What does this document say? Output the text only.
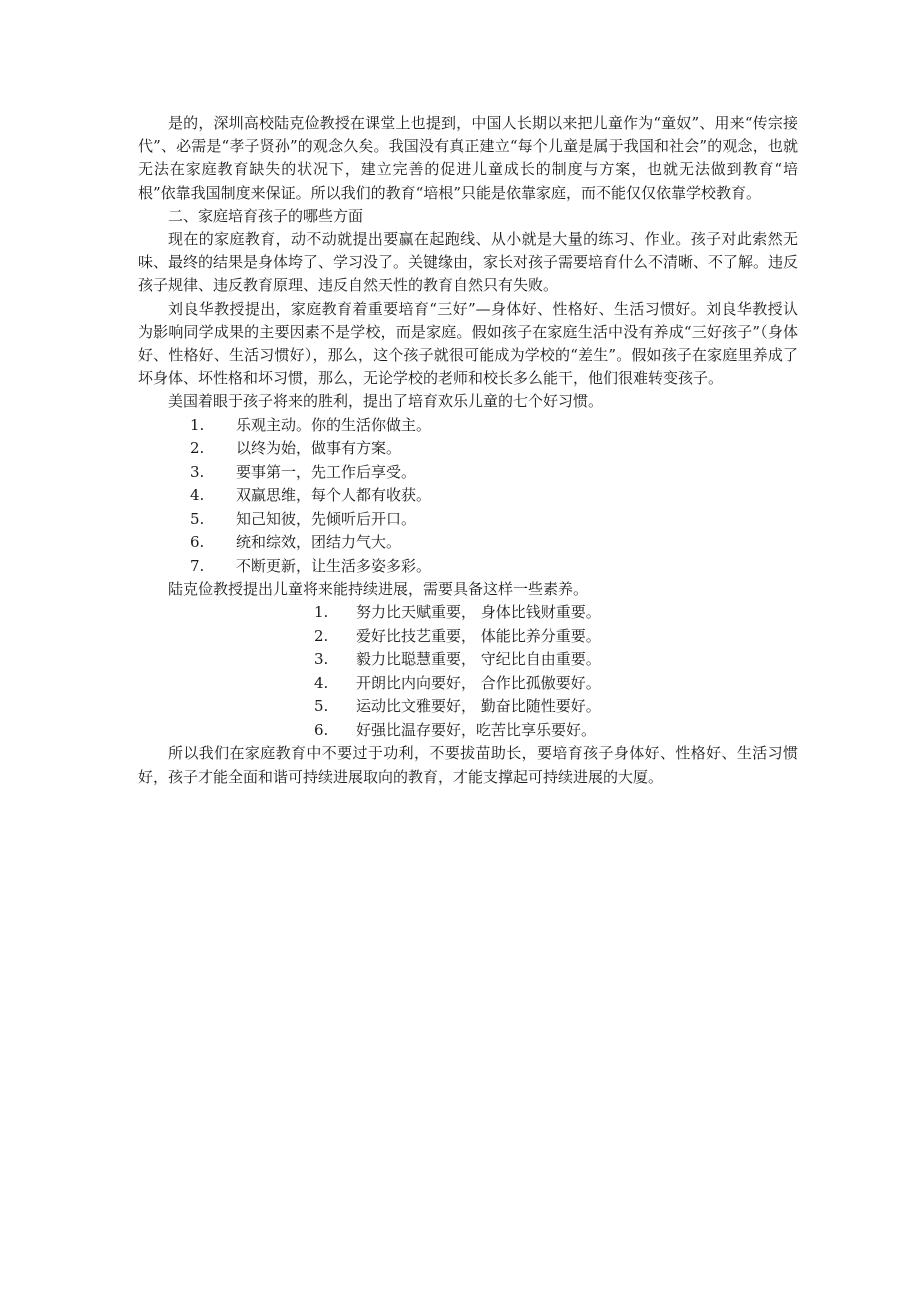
是的，深圳高校陆克俭教授在课堂上也提到，中国人长期以来把儿童作为“童奴”、用来“传宗接代”、必需是“孝子贤孙”的观念久矣。我国没有真正建立“每个儿童是属于我国和社会”的观念，也就无法在家庭教育缺失的状况下，建立完善的促进儿童成长的制度与方案，也就无法做到教育“培根”依靠我国制度来保证。所以我们的教育“培根”只能是依靠家庭，而不能仅仅依靠学校教育。

二、家庭培育孩子的哪些方面

现在的家庭教育，动不动就提出要赢在起跑线、从小就是大量的练习、作业。孩子对此索然无味、最终的结果是身体垮了、学习没了。关键缘由，家长对孩子需要培育什么不清晰、不了解。违反孩子规律、违反教育原理、违反自然天性的教育自然只有失败。

刘良华教授提出，家庭教育着重要培育“三好”—身体好、性格好、生活习惯好。刘良华教授认为影响同学成果的主要因素不是学校，而是家庭。假如孩子在家庭生活中没有养成“三好孩子”（身体好、性格好、生活习惯好），那么，这个孩子就很可能成为学校的“差生”。假如孩子在家庭里养成了坏身体、坏性格和坏习惯，那么，无论学校的老师和校长多么能干，他们很难转变孩子。

美国着眼于孩子将来的胜利，提出了培育欢乐儿童的七个好习惯。

1.	乐观主动。你的生活你做主。
2.	以终为始，做事有方案。
3.	要事第一，先工作后享受。
4.	双赢思维，每个人都有收获。
5.	知己知彼，先倾听后开口。
6.	统和综效，团结力气大。
7.	不断更新，让生活多姿多彩。

陆克俭教授提出儿童将来能持续进展，需要具备这样一些素养。

1.	努力比天赋重要， 身体比钱财重要。
2.	爱好比技艺重要， 体能比养分重要。
3.	毅力比聪慧重要， 守纪比自由重要。
4.	开朗比内向要好， 合作比孤傲要好。
5.	运动比文雅要好， 勤奋比随性要好。
6.	好强比温存要好，吃苦比享乐要好。

所以我们在家庭教育中不要过于功利，不要拔苗助长，要培育孩子身体好、性格好、生活习惯好，孩子才能全面和谐可持续进展取向的教育，才能支撑起可持续进展的大厦。
